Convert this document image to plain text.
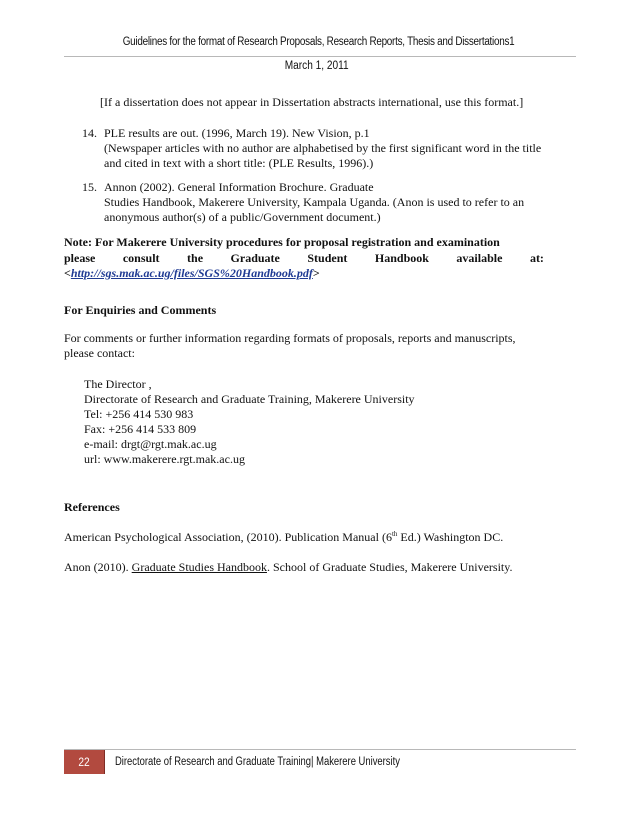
Guidelines for the format of Research Proposals, Research Reports, Thesis and Dissertations1
March 1, 2011
[If a dissertation does not appear in Dissertation abstracts international, use this format.]
14. PLE results are out. (1996, March 19). New Vision, p.1
(Newspaper articles with no author are alphabetised by the first significant word in the title
and cited in text with a short title: (PLE Results, 1996).)
15. Annon (2002). General Information Brochure. Graduate
Studies Handbook, Makerere University, Kampala Uganda. (Anon is used to refer to an
anonymous author(s) of a public/Government document.)
Note: For Makerere University procedures for proposal registration and examination
please consult the Graduate Student Handbook available at:
<http://sgs.mak.ac.ug/files/SGS%20Handbook.pdf>
For Enquiries and Comments
For comments or further information regarding formats of proposals, reports and manuscripts,
please contact:
The Director ,
Directorate of Research and Graduate Training, Makerere University
Tel: +256 414 530 983
Fax: +256 414 533 809
e-mail: drgt@rgt.mak.ac.ug
url: www.makerere.rgt.mak.ac.ug
References
American Psychological Association, (2010). Publication Manual (6th Ed.) Washington DC.
Anon (2010). Graduate Studies Handbook. School of Graduate Studies, Makerere University.
22	Directorate of Research and Graduate Training| Makerere University
